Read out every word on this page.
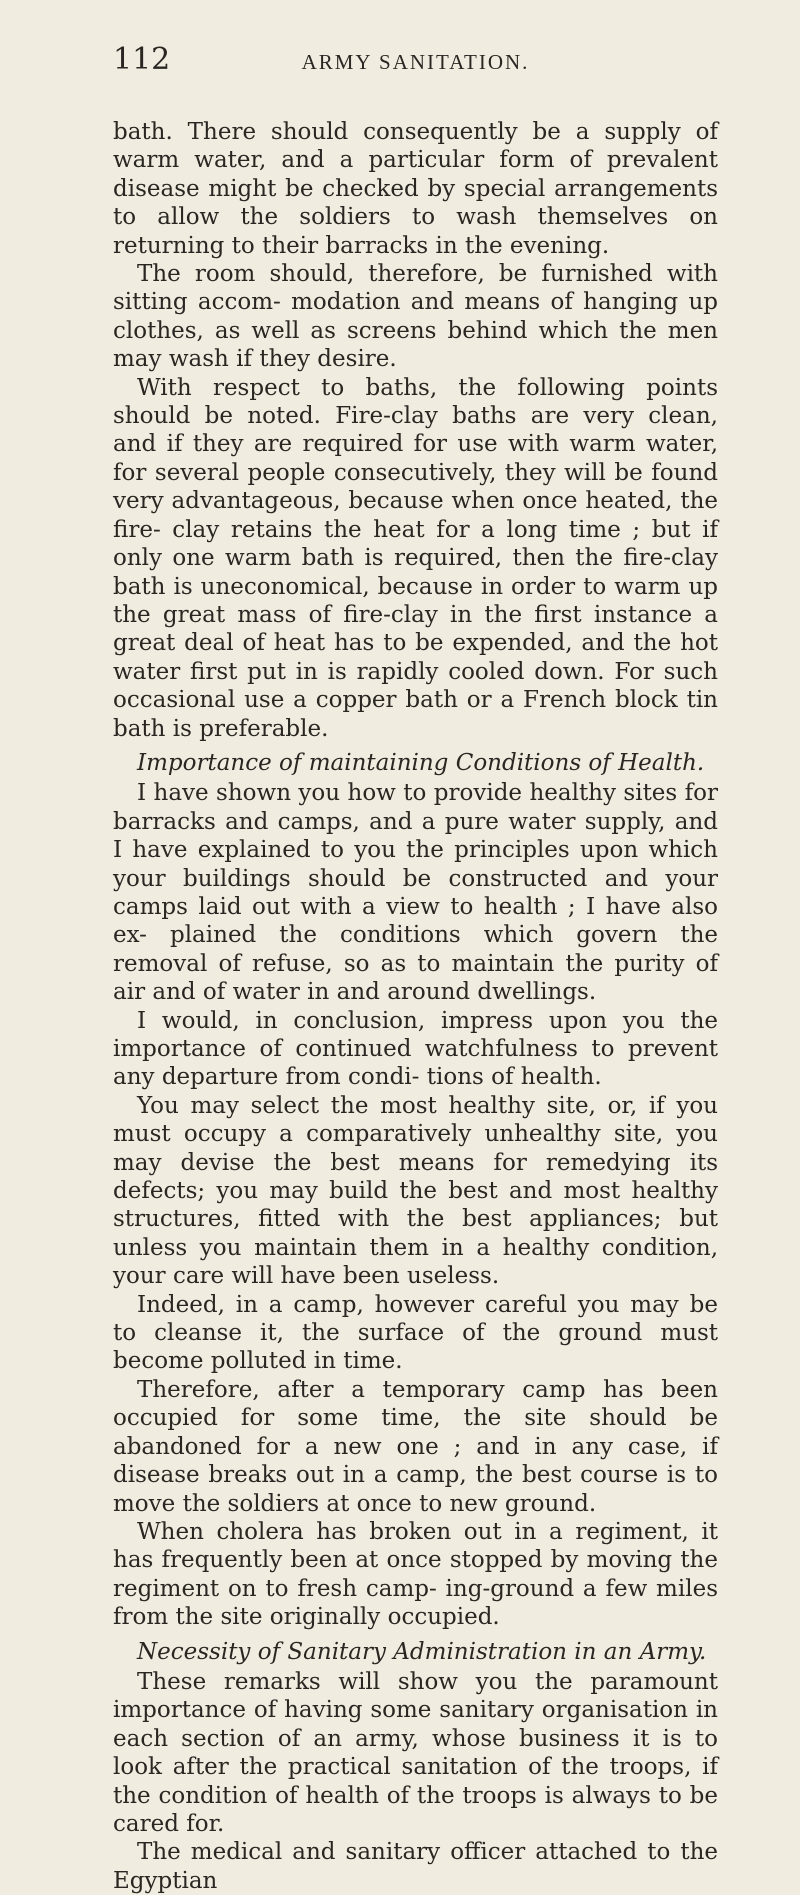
112	ARMY SANITATION.

bath. There should consequently be a supply of warm water, and a particular form of prevalent disease might be checked by special arrangements to allow the soldiers to wash themselves on returning to their barracks in the evening.

The room should, therefore, be furnished with sitting accom- modation and means of hanging up clothes, as well as screens behind which the men may wash if they desire.

With respect to baths, the following points should be noted. Fire-clay baths are very clean, and if they are required for use with warm water, for several people consecutively, they will be found very advantageous, because when once heated, the fire- clay retains the heat for a long time ; but if only one warm bath is required, then the fire-clay bath is uneconomical, because in order to warm up the great mass of fire-clay in the first instance a great deal of heat has to be expended, and the hot water first put in is rapidly cooled down. For such occasional use a copper bath or a French block tin bath is preferable.

Importance of maintaining Conditions of Health.

I have shown you how to provide healthy sites for barracks and camps, and a pure water supply, and I have explained to you the principles upon which your buildings should be constructed and your camps laid out with a view to health ; I have also ex- plained the conditions which govern the removal of refuse, so as to maintain the purity of air and of water in and around dwellings.

I would, in conclusion, impress upon you the importance of continued watchfulness to prevent any departure from condi- tions of health.

You may select the most healthy site, or, if you must occupy a comparatively unhealthy site, you may devise the best means for remedying its defects; you may build the best and most healthy structures, fitted with the best appliances; but unless you maintain them in a healthy condition, your care will have been useless.

Indeed, in a camp, however careful you may be to cleanse it, the surface of the ground must become polluted in time.

Therefore, after a temporary camp has been occupied for some time, the site should be abandoned for a new one ; and in any case, if disease breaks out in a camp, the best course is to move the soldiers at once to new ground.

When cholera has broken out in a regiment, it has frequently been at once stopped by moving the regiment on to fresh camp- ing-ground a few miles from the site originally occupied.

Necessity of Sanitary Administration in an Army.

These remarks will show you the paramount importance of having some sanitary organisation in each section of an army, whose business it is to look after the practical sanitation of the troops, if the condition of health of the troops is always to be cared for.

The medical and sanitary officer attached to the Egyptian
